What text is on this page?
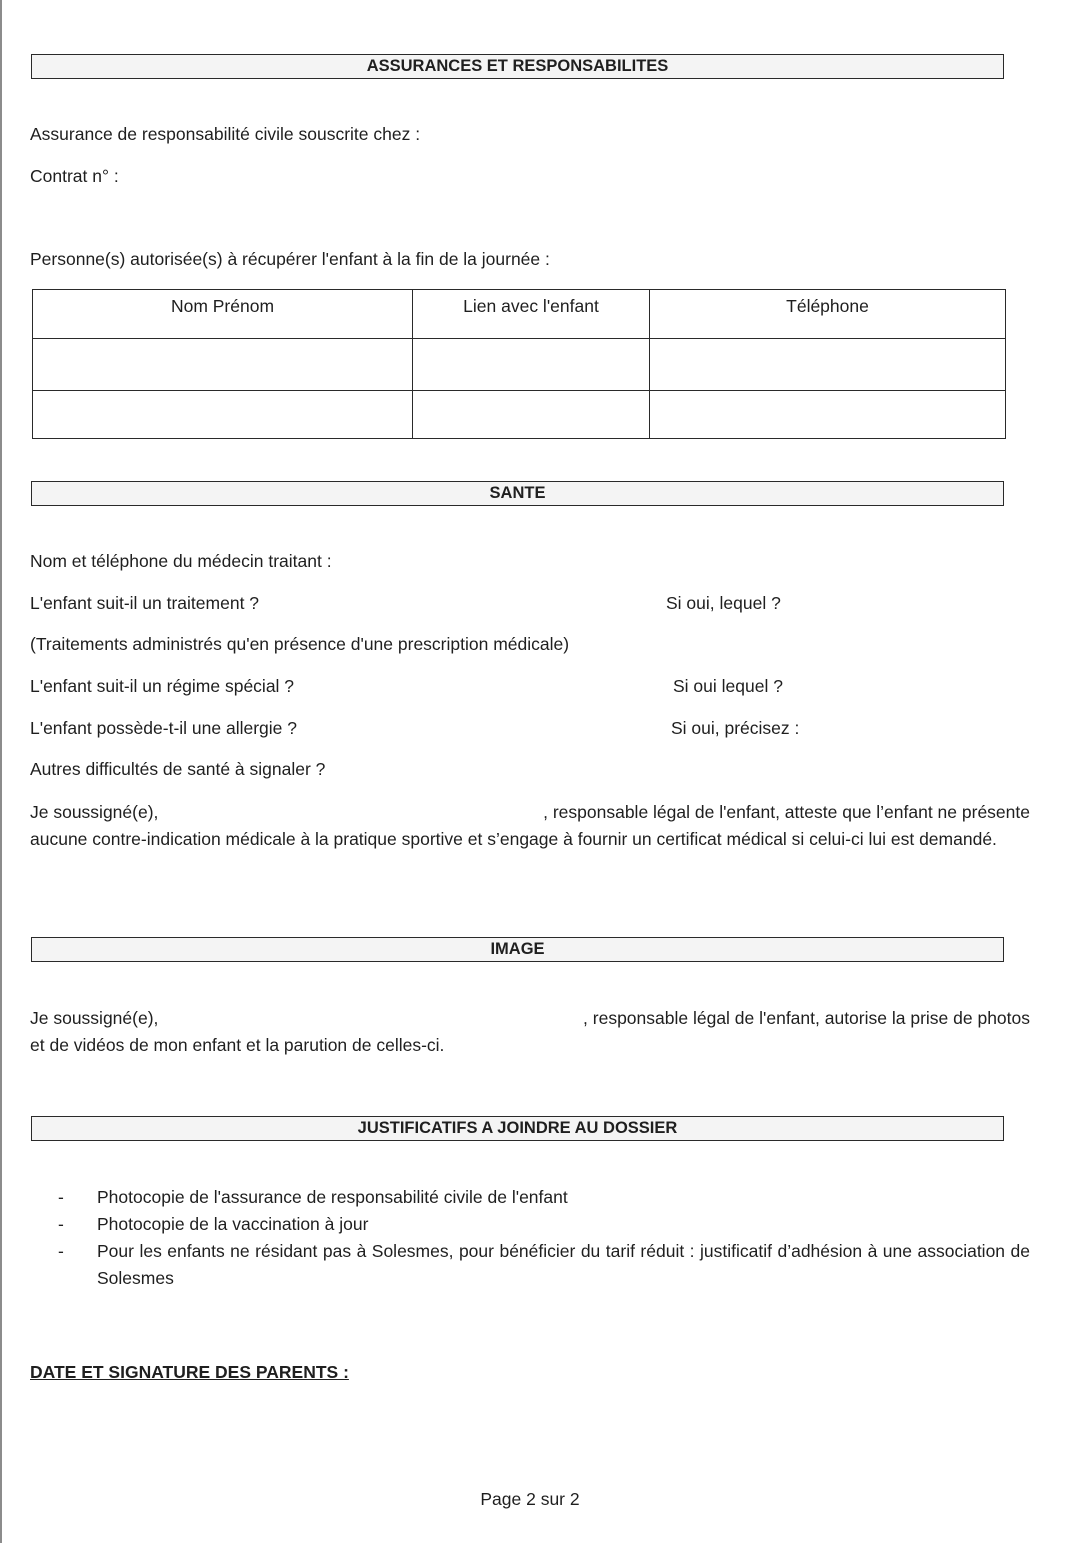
ASSURANCES ET RESPONSABILITES
Assurance de responsabilité civile souscrite chez :
Contrat n° :
Personne(s) autorisée(s) à récupérer l'enfant à la fin de la journée :
Nom Prénom	Lien avec l'enfant	Téléphone

SANTE
Nom et téléphone du médecin traitant :
L'enfant suit-il un traitement ?	Si oui, lequel ?
(Traitements administrés qu'en présence d'une prescription médicale)
L'enfant suit-il un régime spécial ?	Si oui lequel ?
L'enfant possède-t-il une allergie ?	Si oui, précisez :
Autres difficultés de santé à signaler ?
Je soussigné(e),	, responsable légal de l'enfant, atteste que l’enfant ne présente
aucune contre-indication médicale à la pratique sportive et s’engage à fournir un certificat médical si celui-ci lui est demandé.
IMAGE
Je soussigné(e),	, responsable légal de l'enfant, autorise la prise de photos
et de vidéos de mon enfant et la parution de celles-ci.
JUSTIFICATIFS A JOINDRE AU DOSSIER
- Photocopie de l'assurance de responsabilité civile de l'enfant
- Photocopie de la vaccination à jour
- Pour les enfants ne résidant pas à Solesmes, pour bénéficier du tarif réduit : justificatif d’adhésion à une association de Solesmes
DATE ET SIGNATURE DES PARENTS :
Page 2 sur 2
